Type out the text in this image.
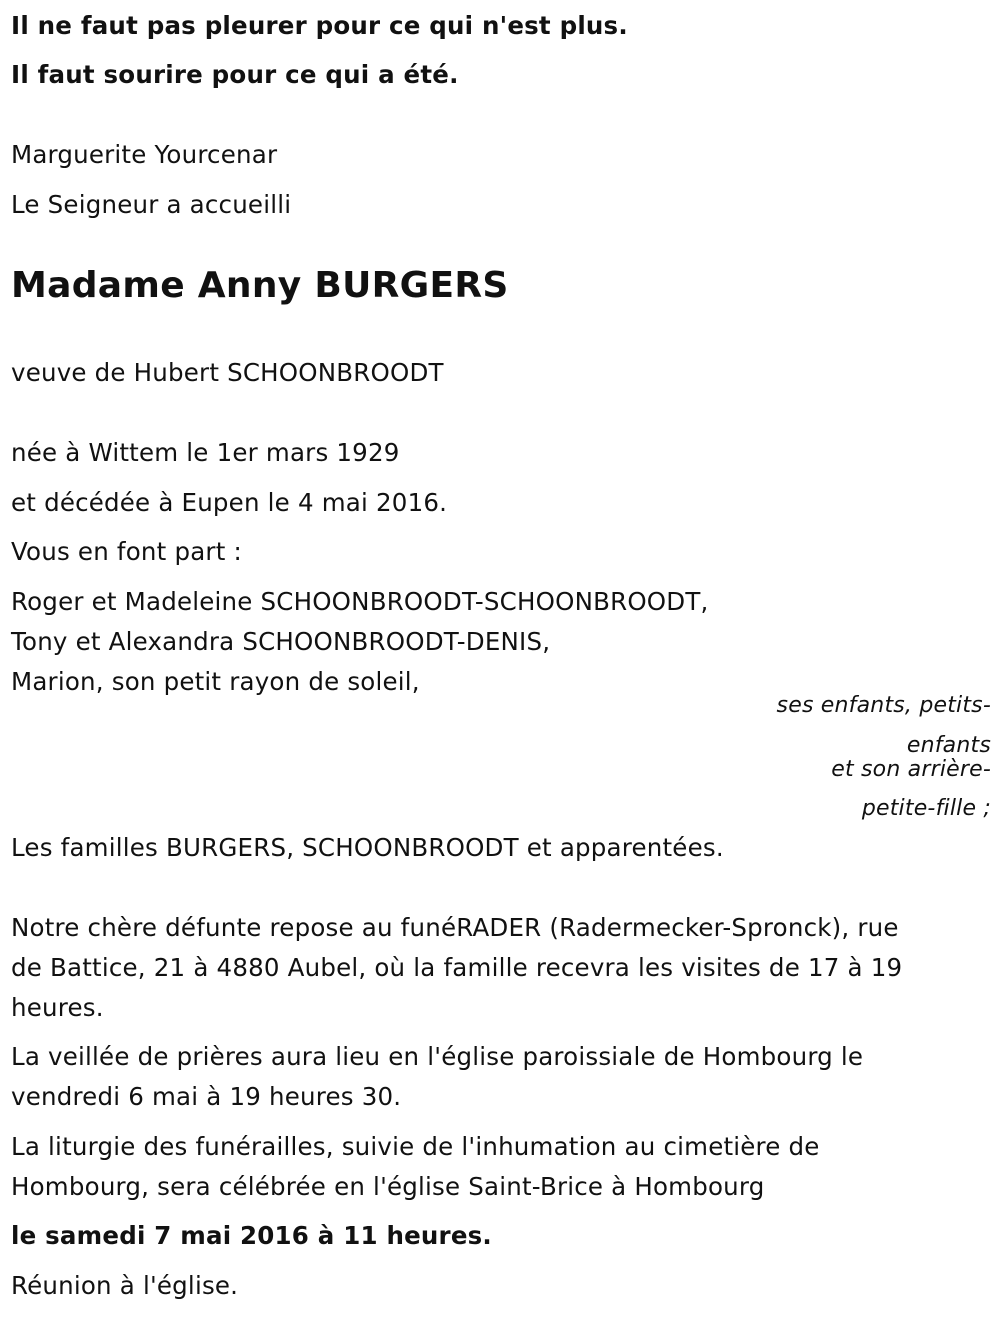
Il ne faut pas pleurer pour ce qui n'est plus.
Il faut sourire pour ce qui a été.
Marguerite Yourcenar
Le Seigneur a accueilli
Madame Anny BURGERS
veuve de Hubert SCHOONBROODT
née à Wittem le 1er mars 1929
et décédée à Eupen le 4 mai 2016.
Vous en font part :
Roger et Madeleine SCHOONBROODT-SCHOONBROODT,
Tony et Alexandra SCHOONBROODT-DENIS,
Marion, son petit rayon de soleil,
ses enfants, petits-
enfants
et son arrière-
petite-fille ;
Les familles BURGERS, SCHOONBROODT et apparentées.
Notre chère défunte repose au funéRADER (Radermecker-Spronck), rue
de Battice, 21 à 4880 Aubel, où la famille recevra les visites de 17 à 19
heures.
La veillée de prières aura lieu en l'église paroissiale de Hombourg le
vendredi 6 mai à 19 heures 30.
La liturgie des funérailles, suivie de l'inhumation au cimetière de
Hombourg, sera célébrée en l'église Saint-Brice à Hombourg
le samedi 7 mai 2016 à 11 heures.
Réunion à l'église.
